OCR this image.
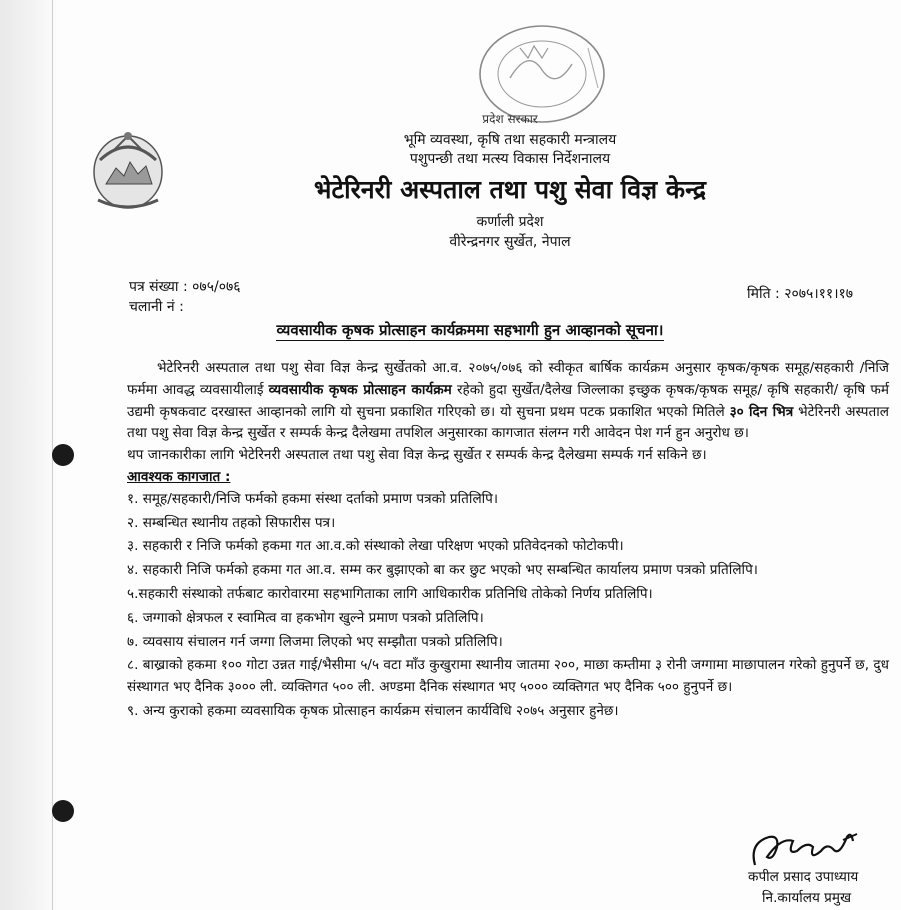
प्रदेश सरकार
भूमि व्यवस्था, कृषि तथा सहकारी मन्त्रालय
पशुपन्छी तथा मत्स्य विकास निर्देशनालय
भेटेरिनरी अस्पताल तथा पशु सेवा विज्ञ केन्द्र
कर्णाली प्रदेश
वीरेन्द्रनगर सुर्खेत, नेपाल
पत्र संख्या : ०७५/०७६
चलानी नं :
मिति : २०७५।११।१७
व्यवसायीक कृषक प्रोत्साहन कार्यक्रममा सहभागी हुन आव्हानको सूचना।

भेटेरिनरी अस्पताल तथा पशु सेवा विज्ञ केन्द्र सुर्खेतको आ.व. २०७५/०७६ को स्वीकृत बार्षिक कार्यक्रम अनुसार कृषक/कृषक समूह/सहकारी /निजि फर्ममा आवद्ध व्यवसायीलाई व्यवसायीक कृषक प्रोत्साहन कार्यक्रम रहेको हुदा सुर्खेत/दैलेख जिल्लाका इच्छुक कृषक/कृषक समूह/ कृषि सहकारी/ कृषि फर्म उद्यमी कृषकवाट दरखास्त आव्हानको लागि यो सुचना प्रकाशित गरिएको छ। यो सुचना प्रथम पटक प्रकाशित भएको मितिले ३० दिन भित्र भेटेरिनरी अस्पताल तथा पशु सेवा विज्ञ केन्द्र सुर्खेत र सम्पर्क केन्द्र दैलेखमा तपशिल अनुसारका कागजात संलग्न गरी आवेदन पेश गर्न हुन अनुरोध छ।

थप जानकारीका लागि भेटेरिनरी अस्पताल तथा पशु सेवा विज्ञ केन्द्र सुर्खेत र सम्पर्क केन्द्र दैलेखमा सम्पर्क गर्न सकिने छ।

आवश्यक कागजात :

१. समूह/सहकारी/निजि फर्मको हकमा संस्था दर्ताको प्रमाण पत्रको प्रतिलिपि।
२. सम्बन्धित स्थानीय तहको सिफारीस पत्र।
३. सहकारी र निजि फर्मको हकमा गत आ.व.को संस्थाको लेखा परिक्षण भएको प्रतिवेदनको फोटोकपी।
४. सहकारी निजि फर्मको हकमा गत आ.व. सम्म कर बुझाएको बा कर छुट भएको भए सम्बन्धित कार्यालय प्रमाण पत्रको प्रतिलिपि।
५.सहकारी संस्थाको तर्फबाट कारोवारमा सहभागिताका लागि आधिकारीक प्रतिनिधि तोकेको निर्णय प्रतिलिपि।
६. जग्गाको क्षेत्रफल र स्वामित्व वा हकभोग खुल्ने प्रमाण पत्रको प्रतिलिपि।
७. व्यवसाय संचालन गर्न जग्गा लिजमा लिएको भए सम्झौता पत्रको प्रतिलिपि।
८. बाख्राको हकमा १०० गोटा उन्नत गाई/भैसीमा ५/५ वटा माँउ कुखुरामा स्थानीय जातमा २००, माछा कम्तीमा ३ रोनी जग्गामा माछापालन गरेको हुनुपर्ने छ, दुध संस्थागत भए दैनिक ३००० ली. व्यक्तिगत ५०० ली. अण्डमा दैनिक संस्थागत भए ५००० व्यक्तिगत भए दैनिक ५०० हुनुपर्ने छ।
९. अन्य कुराको हकमा व्यवसायिक कृषक प्रोत्साहन कार्यक्रम संचालन कार्यविधि २०७५ अनुसार हुनेछ।
कपील प्रसाद उपाध्याय
नि.कार्यालय प्रमुख
